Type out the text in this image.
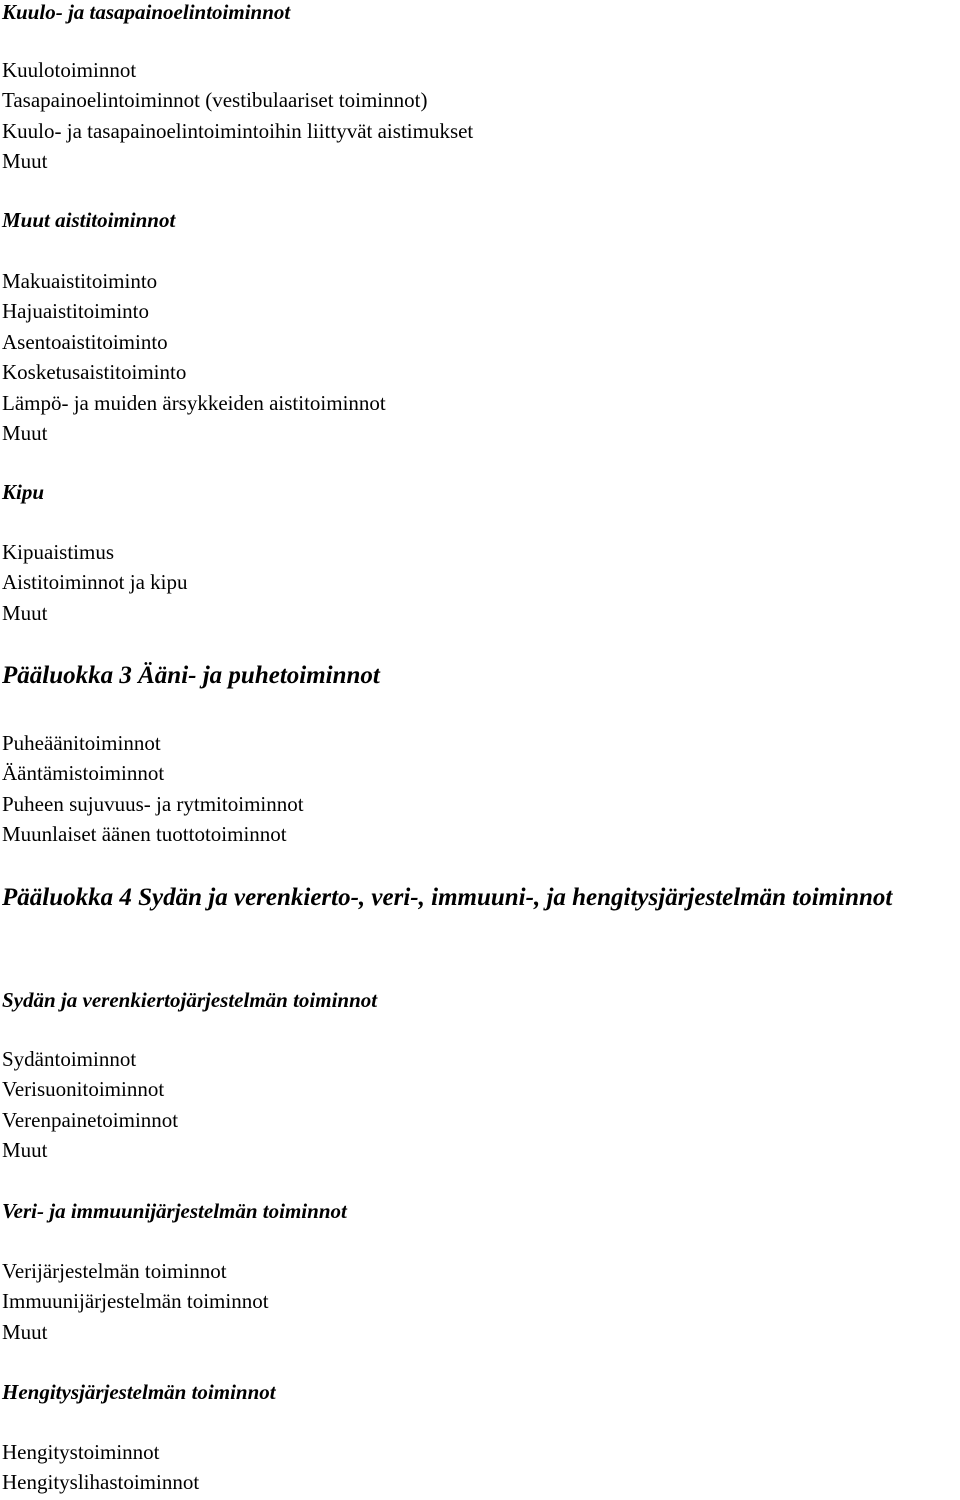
Kuulo- ja tasapainoelintoiminnot
Kuulotoiminnot
Tasapainoelintoiminnot (vestibulaariset toiminnot)
Kuulo- ja tasapainoelintoimintoihin liittyvät aistimukset
Muut
Muut aistitoiminnot
Makuaistitoiminto
Hajuaistitoiminto
Asentoaistitoiminto
Kosketusaistitoiminto
Lämpö- ja muiden ärsykkeiden aistitoiminnot
Muut
Kipu
Kipuaistimus
Aistitoiminnot ja kipu
Muut
Pääluokka 3 Ääni- ja puhetoiminnot
Puheäänitoiminnot
Ääntämistoiminnot
Puheen sujuvuus- ja rytmitoiminnot
Muunlaiset äänen tuottotoiminnot
Pääluokka 4 Sydän ja verenkierto-, veri-, immuuni-, ja hengitysjärjestelmän toiminnot
Sydän ja verenkiertojärjestelmän toiminnot
Sydäntoiminnot
Verisuonitoiminnot
Verenpainetoiminnot
Muut
Veri- ja immuunijärjestelmän toiminnot
Verijärjestelmän toiminnot
Immuunijärjestelmän toiminnot
Muut
Hengitysjärjestelmän toiminnot
Hengitystoiminnot
Hengityslihastoiminnot
